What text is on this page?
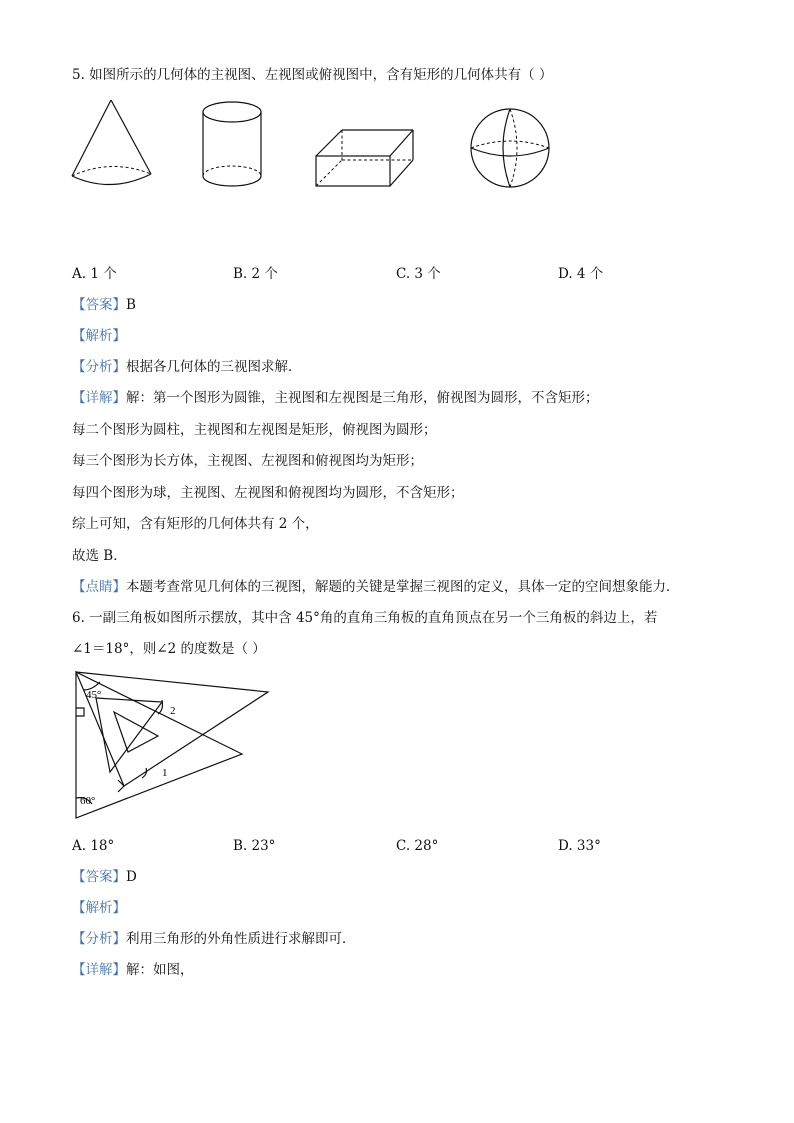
5. 如图所示的几何体的主视图、左视图或俯视图中，含有矩形的几何体共有（ ）
A. 1 个	B. 2 个	C. 3 个	D. 4 个
【答案】B
【解析】
【分析】根据各几何体的三视图求解．
【详解】解：第一个图形为圆锥，主视图和左视图是三角形，俯视图为圆形，不含矩形；
每二个图形为圆柱，主视图和左视图是矩形，俯视图为圆形；
每三个图形为长方体，主视图、左视图和俯视图均为矩形；
每四个图形为球，主视图、左视图和俯视图均为圆形，不含矩形；
综上可知，含有矩形的几何体共有 2 个，
故选 B．
【点睛】本题考查常见几何体的三视图，解题的关键是掌握三视图的定义，具体一定的空间想象能力．
6. 一副三角板如图所示摆放，其中含 45°角的直角三角板的直角顶点在另一个三角板的斜边上，若
∠1＝18°，则∠2 的度数是（ ）
45°
2
1
60°
A. 18°	B. 23°	C. 28°	D. 33°
【答案】D
【解析】
【分析】利用三角形的外角性质进行求解即可．
【详解】解：如图，
